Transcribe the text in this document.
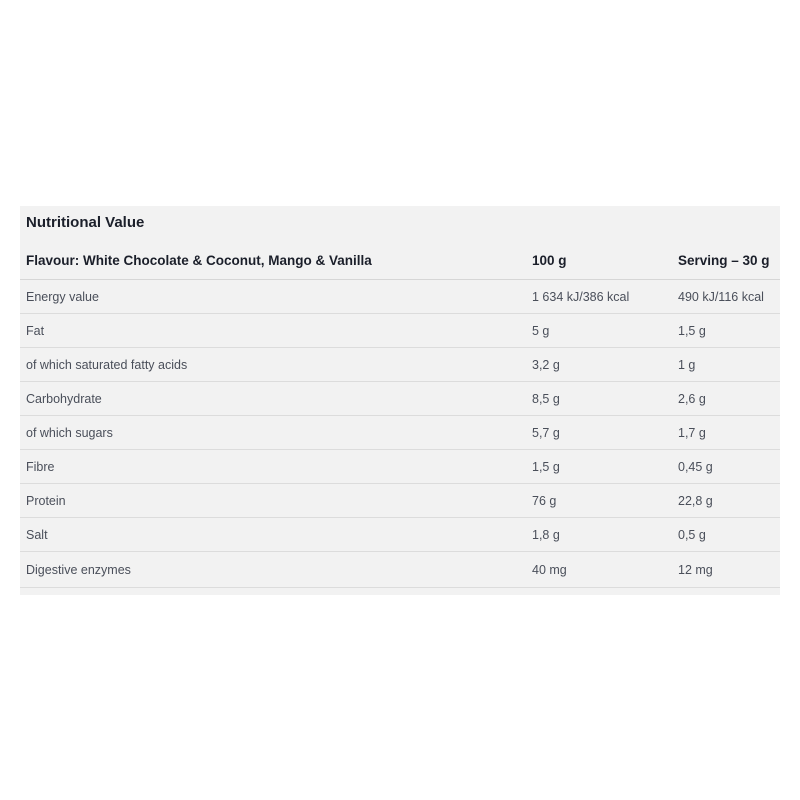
Nutritional Value
Flavour: White Chocolate & Coconut, Mango & Vanilla	100 g	Serving – 30 g
Energy value	1 634 kJ/386 kcal	490 kJ/116 kcal
Fat	5 g	1,5 g
of which saturated fatty acids	3,2 g	1 g
Carbohydrate	8,5 g	2,6 g
of which sugars	5,7 g	1,7 g
Fibre	1,5 g	0,45 g
Protein	76 g	22,8 g
Salt	1,8 g	0,5 g
Digestive enzymes	40 mg	12 mg
